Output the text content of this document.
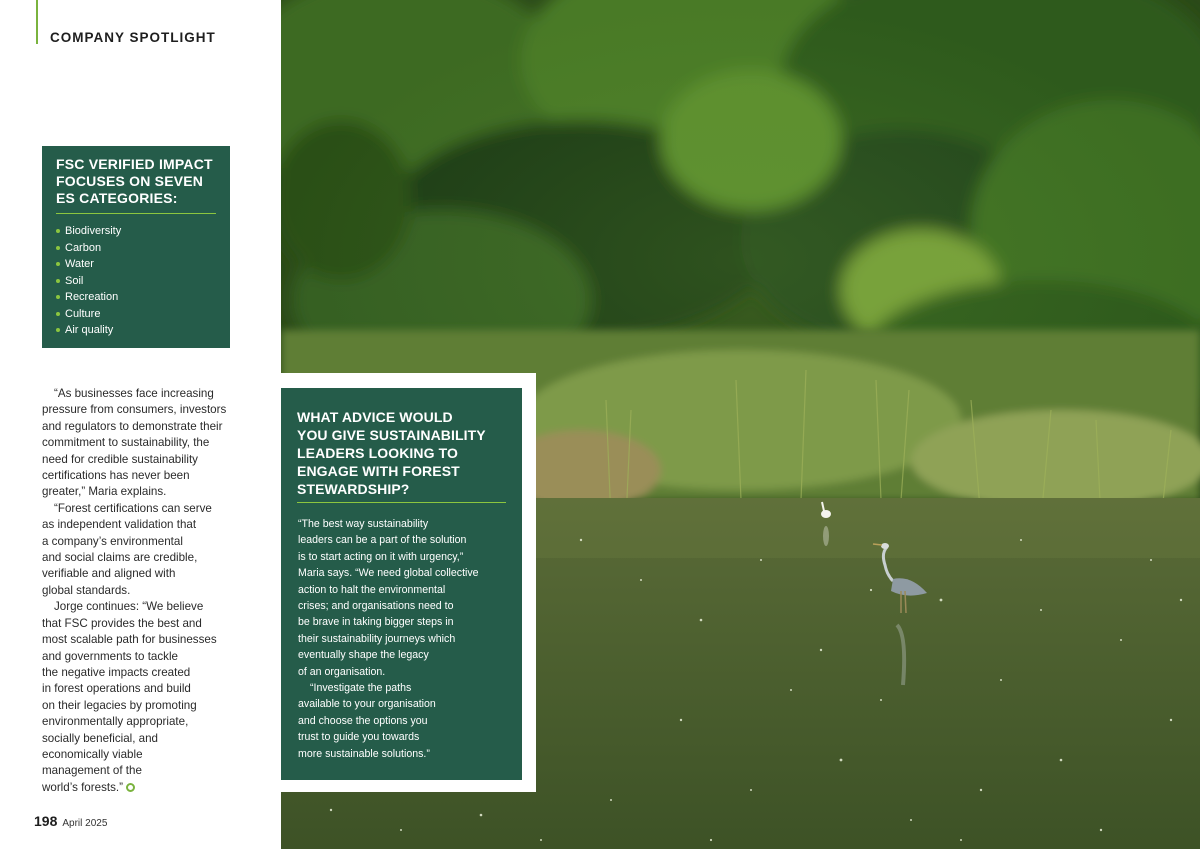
COMPANY SPOTLIGHT
FSC VERIFIED IMPACT
FOCUSES ON SEVEN
ES CATEGORIES:
Biodiversity
Carbon
Water
Soil
Recreation
Culture
Air quality
“As businesses face increasing
pressure from consumers, investors
and regulators to demonstrate their
commitment to sustainability, the
need for credible sustainability
certifications has never been
greater,” Maria explains.
“Forest certifications can serve
as independent validation that
a company’s environmental
and social claims are credible,
verifiable and aligned with
global standards.
Jorge continues: “We believe
that FSC provides the best and
most scalable path for businesses
and governments to tackle
the negative impacts created
in forest operations and build
on their legacies by promoting
environmentally appropriate,
socially beneficial, and
economically viable
management of the
world’s forests.”
198 April 2025
WHAT ADVICE WOULD
YOU GIVE SUSTAINABILITY
LEADERS LOOKING TO
ENGAGE WITH FOREST
STEWARDSHIP?
“The best way sustainability
leaders can be a part of the solution
is to start acting on it with urgency,”
Maria says. “We need global collective
action to halt the environmental
crises; and organisations need to
be brave in taking bigger steps in
their sustainability journeys which
eventually shape the legacy
of an organisation.
“Investigate the paths
available to your organisation
and choose the options you
trust to guide you towards
more sustainable solutions.”
